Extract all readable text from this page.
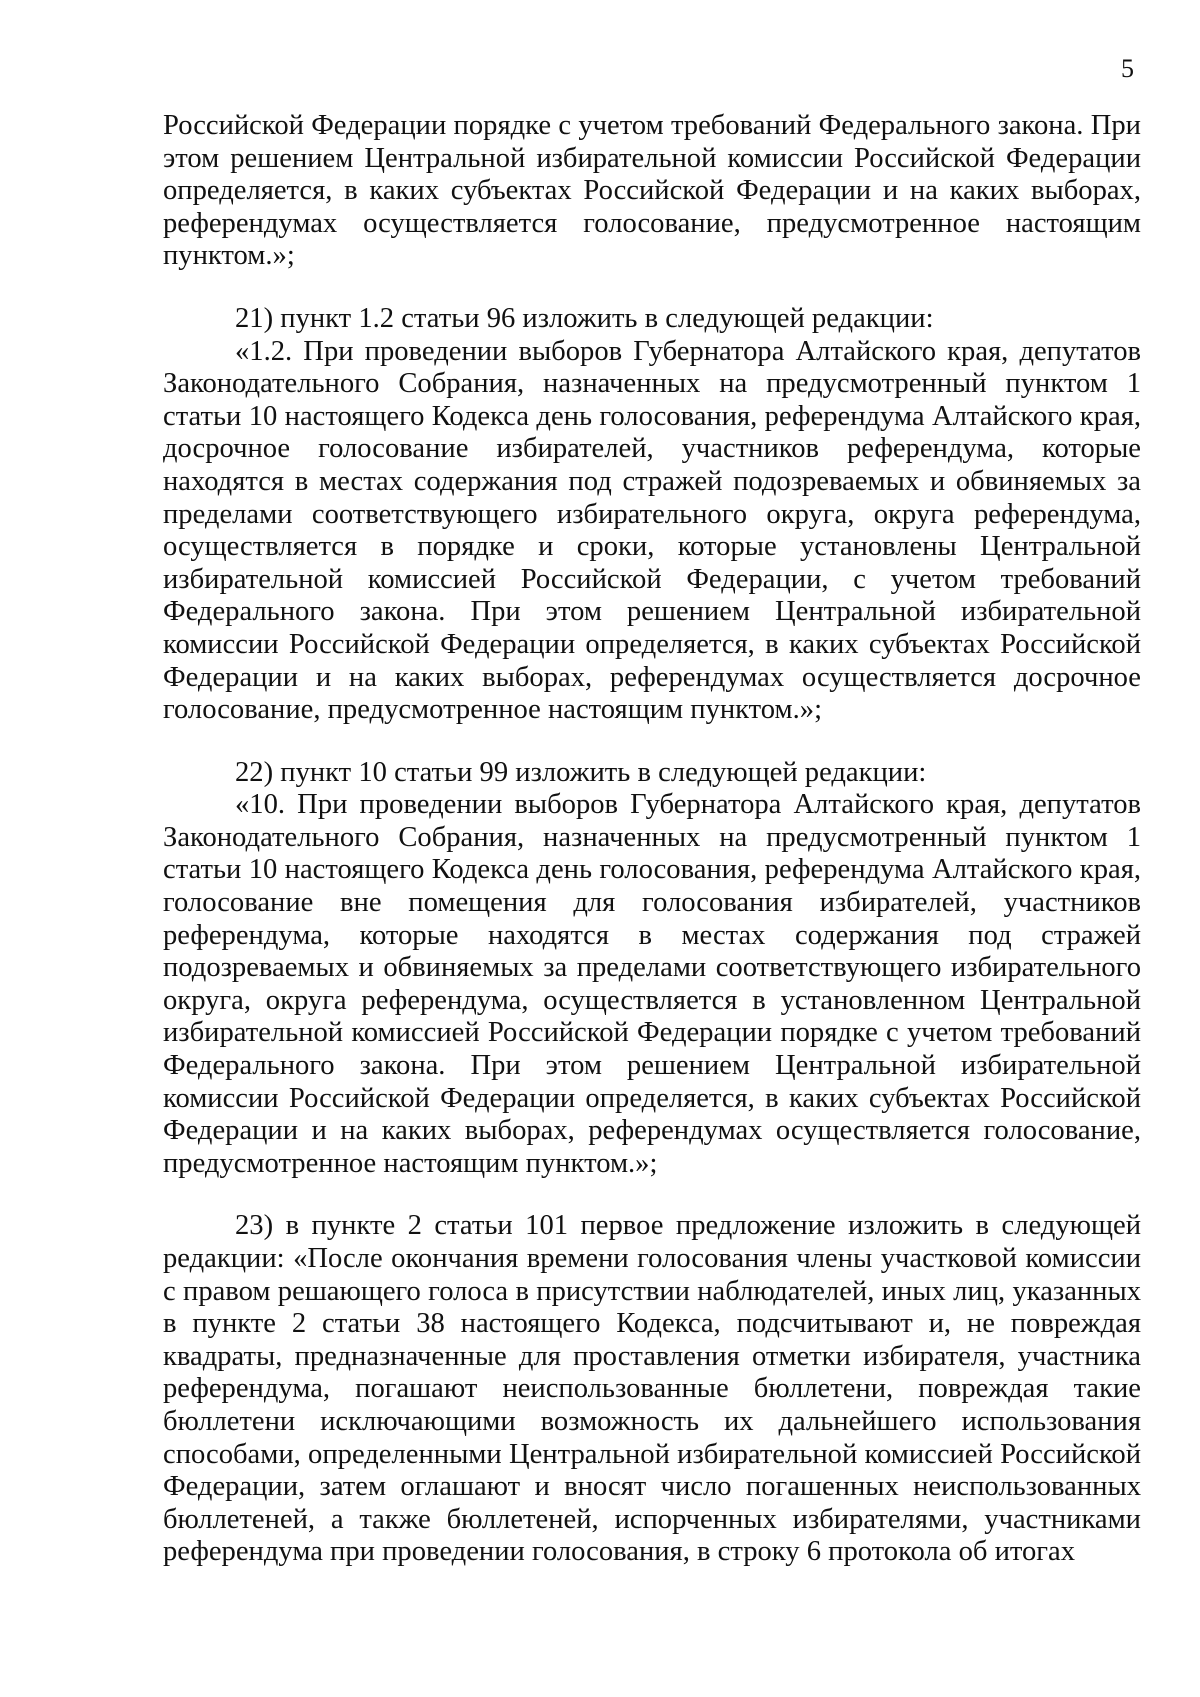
5

Российской Федерации порядке с учетом требований Федерального закона. При этом решением Центральной избирательной комиссии Российской Федерации определяется, в каких субъектах Российской Федерации и на каких выборах, референдумах осуществляется голосование, предусмотренное настоящим пунктом.»;

21) пункт 1.2 статьи 96 изложить в следующей редакции:

«1.2. При проведении выборов Губернатора Алтайского края, депутатов Законодательного Собрания, назначенных на предусмотренный пунктом 1 статьи 10 настоящего Кодекса день голосования, референдума Алтайского края, досрочное голосование избирателей, участников референдума, которые находятся в местах содержания под стражей подозреваемых и обвиняемых за пределами соответствующего избирательного округа, округа референдума, осуществляется в порядке и сроки, которые установлены Центральной избирательной комиссией Российской Федерации, с учетом требований Федерального закона. При этом решением Центральной избирательной комиссии Российской Федерации определяется, в каких субъектах Российской Федерации и на каких выборах, референдумах осуществляется досрочное голосование, предусмотренное настоящим пунктом.»;

22) пункт 10 статьи 99 изложить в следующей редакции:

«10. При проведении выборов Губернатора Алтайского края, депутатов Законодательного Собрания, назначенных на предусмотренный пунктом 1 статьи 10 настоящего Кодекса день голосования, референдума Алтайского края, голосование вне помещения для голосования избирателей, участников референдума, которые находятся в местах содержания под стражей подозреваемых и обвиняемых за пределами соответствующего избирательного округа, округа референдума, осуществляется в установленном Центральной избирательной комиссией Российской Федерации порядке с учетом требований Федерального закона. При этом решением Центральной избирательной комиссии Российской Федерации определяется, в каких субъектах Российской Федерации и на каких выборах, референдумах осуществляется голосование, предусмотренное настоящим пунктом.»;

23) в пункте 2 статьи 101 первое предложение изложить в следующей редакции: «После окончания времени голосования члены участковой комиссии с правом решающего голоса в присутствии наблюдателей, иных лиц, указанных в пункте 2 статьи 38 настоящего Кодекса, подсчитывают и, не повреждая квадраты, предназначенные для проставления отметки избирателя, участника референдума, погашают неиспользованные бюллетени, повреждая такие бюллетени исключающими возможность их дальнейшего использования способами, определенными Центральной избирательной комиссией Российской Федерации, затем оглашают и вносят число погашенных неиспользованных бюллетеней, а также бюллетеней, испорченных избирателями, участниками референдума при проведении голосования, в строку 6 протокола об итогах
